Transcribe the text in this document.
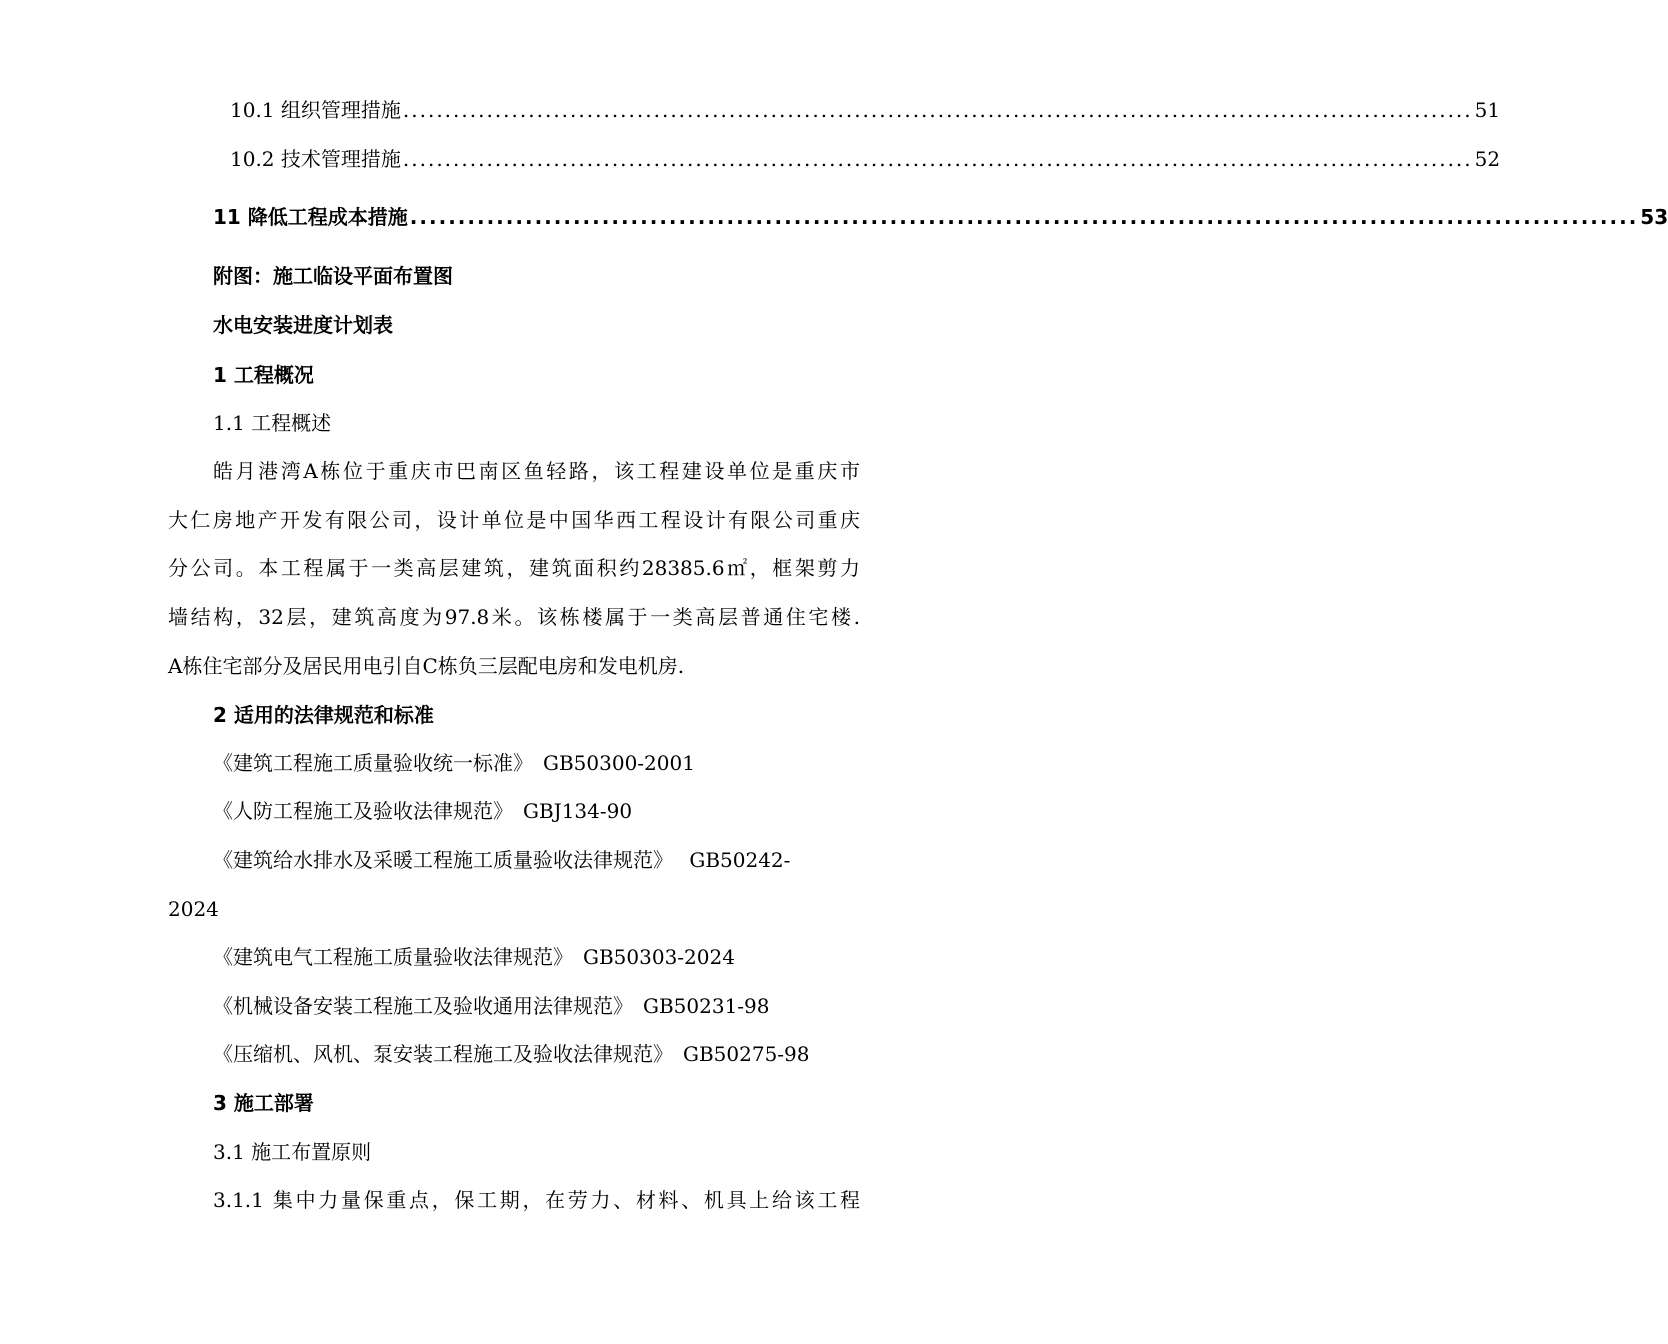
10.1 组织管理措施 ................................................................................................................................ 51
10.2 技术管理措施 ................................................................................................................................ 52
11 降低工程成本措施 ................................................................................................................................ 53
附图：施工临设平面布置图
水电安装进度计划表
1 工程概况
1.1 工程概述
皓月港湾A栋位于重庆市巴南区鱼轻路，该工程建设单位是重庆市
大仁房地产开发有限公司，设计单位是中国华西工程设计有限公司重庆
分公司。本工程属于一类高层建筑，建筑面积约28385.6㎡，框架剪力
墙结构，32层，建筑高度为97.8米。该栋楼属于一类高层普通住宅楼.
A栋住宅部分及居民用电引自C栋负三层配电房和发电机房.
2 适用的法律规范和标准
《建筑工程施工质量验收统一标准》　GB50300-2001
《人防工程施工及验收法律规范》　GBJ134-90
《建筑给水排水及采暖工程施工质量验收法律规范》　 GB50242-
2024
《建筑电气工程施工质量验收法律规范》　GB50303-2024
《机械设备安装工程施工及验收通用法律规范》　GB50231-98
《压缩机、风机、泵安装工程施工及验收法律规范》　GB50275-98
3 施工部署
3.1 施工布置原则
3.1.1 集中力量保重点，保工期，在劳力、材料、机具上给该工程
